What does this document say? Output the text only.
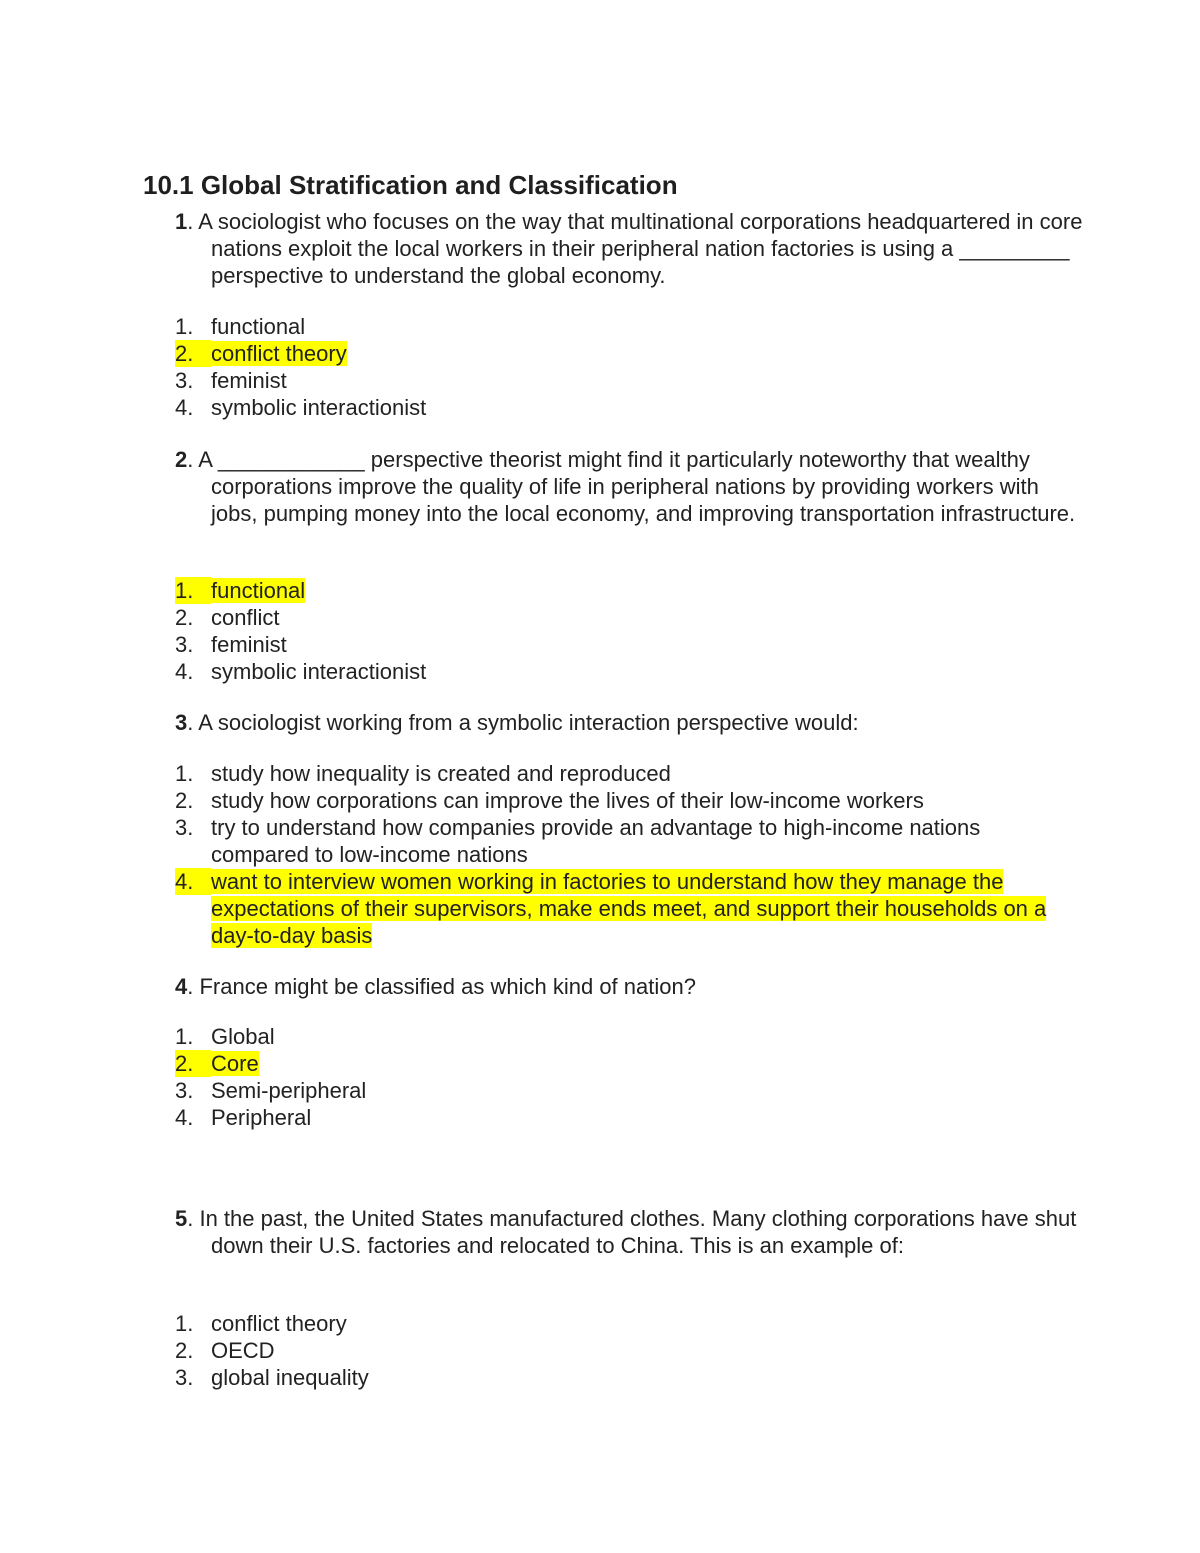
10.1 Global Stratification and Classification

1. A sociologist who focuses on the way that multinational corporations headquartered in core nations exploit the local workers in their peripheral nation factories is using a _________ perspective to understand the global economy.

1. functional
2. conflict theory
3. feminist
4. symbolic interactionist

2. A ____________ perspective theorist might find it particularly noteworthy that wealthy corporations improve the quality of life in peripheral nations by providing workers with jobs, pumping money into the local economy, and improving transportation infrastructure.

1. functional
2. conflict
3. feminist
4. symbolic interactionist

3. A sociologist working from a symbolic interaction perspective would:

1. study how inequality is created and reproduced
2. study how corporations can improve the lives of their low-income workers
3. try to understand how companies provide an advantage to high-income nations compared to low-income nations
4. want to interview women working in factories to understand how they manage the expectations of their supervisors, make ends meet, and support their households on a day-to-day basis

4. France might be classified as which kind of nation?

1. Global
2. Core
3. Semi-peripheral
4. Peripheral

5. In the past, the United States manufactured clothes. Many clothing corporations have shut down their U.S. factories and relocated to China. This is an example of:

1. conflict theory
2. OECD
3. global inequality
